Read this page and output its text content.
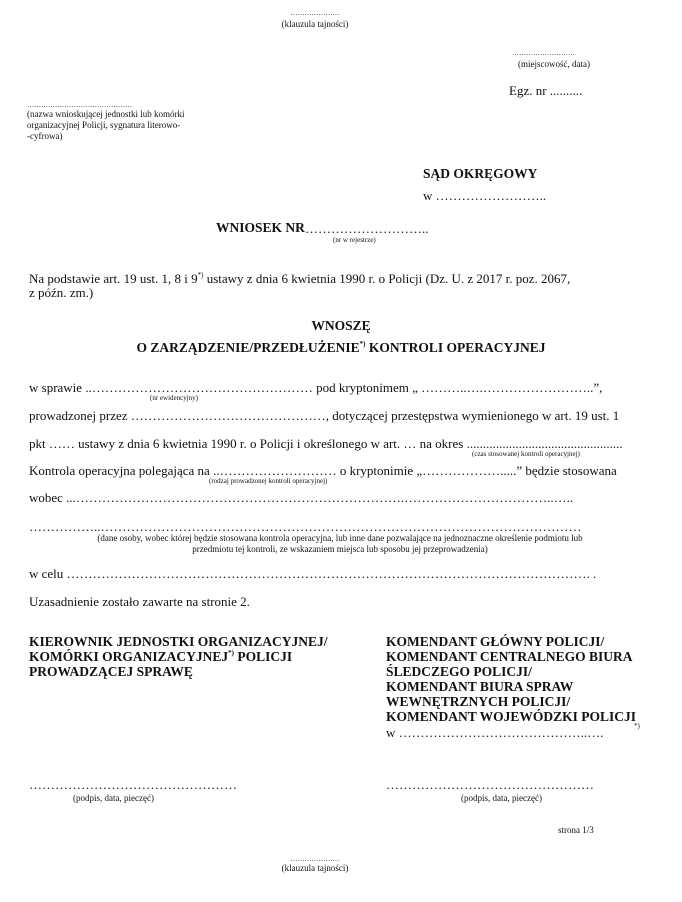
…………………
(klauzula tajności)
………………………
(miejscowość, data)
Egz. nr ..........
………………………………………
(nazwa wnioskującej jednostki lub komórki
organizacyjnej Policji, sygnatura literowo-
-cyfrowa)
SĄD OKRĘGOWY
w ……………………..
WNIOSEK NR ………………………..
(nr w rejestrze)
Na podstawie art. 19 ust. 1, 8 i 9*) ustawy z dnia 6 kwietnia 1990 r. o Policji (Dz. U. z 2017 r. poz. 2067,
z późn. zm.)
WNOSZĘ
O ZARZĄDZENIE/PRZEDŁUŻENIE*) KONTROLI OPERACYJNEJ
w sprawie ..…………………………………………… pod kryptonimem „ ………..….……………………..”,
(nr ewidencyjny)
prowadzonej przez ………………………………………, dotyczącej przestępstwa wymienionego w art. 19 ust. 1
pkt …… ustawy z dnia 6 kwietnia 1990 r. o Policji i określonego w art. … na okres ................................................
(czas stosowanej kontroli operacyjnej)
Kontrola operacyjna polegająca na ..……………………… o kryptonimie „……………….....” będzie stosowana
(rodzaj prowadzonej kontroli operacyjnej)
wobec ...………………………………………………………………….……………………………..…..
……………..…………………………………………………………………………………………………
(dane osoby, wobec której będzie stosowana kontrola operacyjna, lub inne dane pozwalające na jednoznaczne określenie podmiotu lub
przedmiotu tej kontroli, ze wskazaniem miejsca lub sposobu jej przeprowadzenia)
w celu …………………………………………………………………………………………………………. .
Uzasadnienie zostało zawarte na stronie 2.
KIEROWNIK JEDNOSTKI ORGANIZACYJNEJ/
KOMÓRKI ORGANIZACYJNEJ*) POLICJI
PROWADZĄCEJ SPRAWĘ
KOMENDANT GŁÓWNY POLICJI/
KOMENDANT CENTRALNEGO BIURA
ŚLEDCZEGO POLICJI/
KOMENDANT BIURA SPRAW
WEWNĘTRZNYCH POLICJI/
KOMENDANT WOJEWÓDZKI POLICJI
w ……………………………………..….	*)
…………………………………………
(podpis, data, pieczęć)
…………………………………………
(podpis, data, pieczęć)
strona 1/3
…………………
(klauzula tajności)
